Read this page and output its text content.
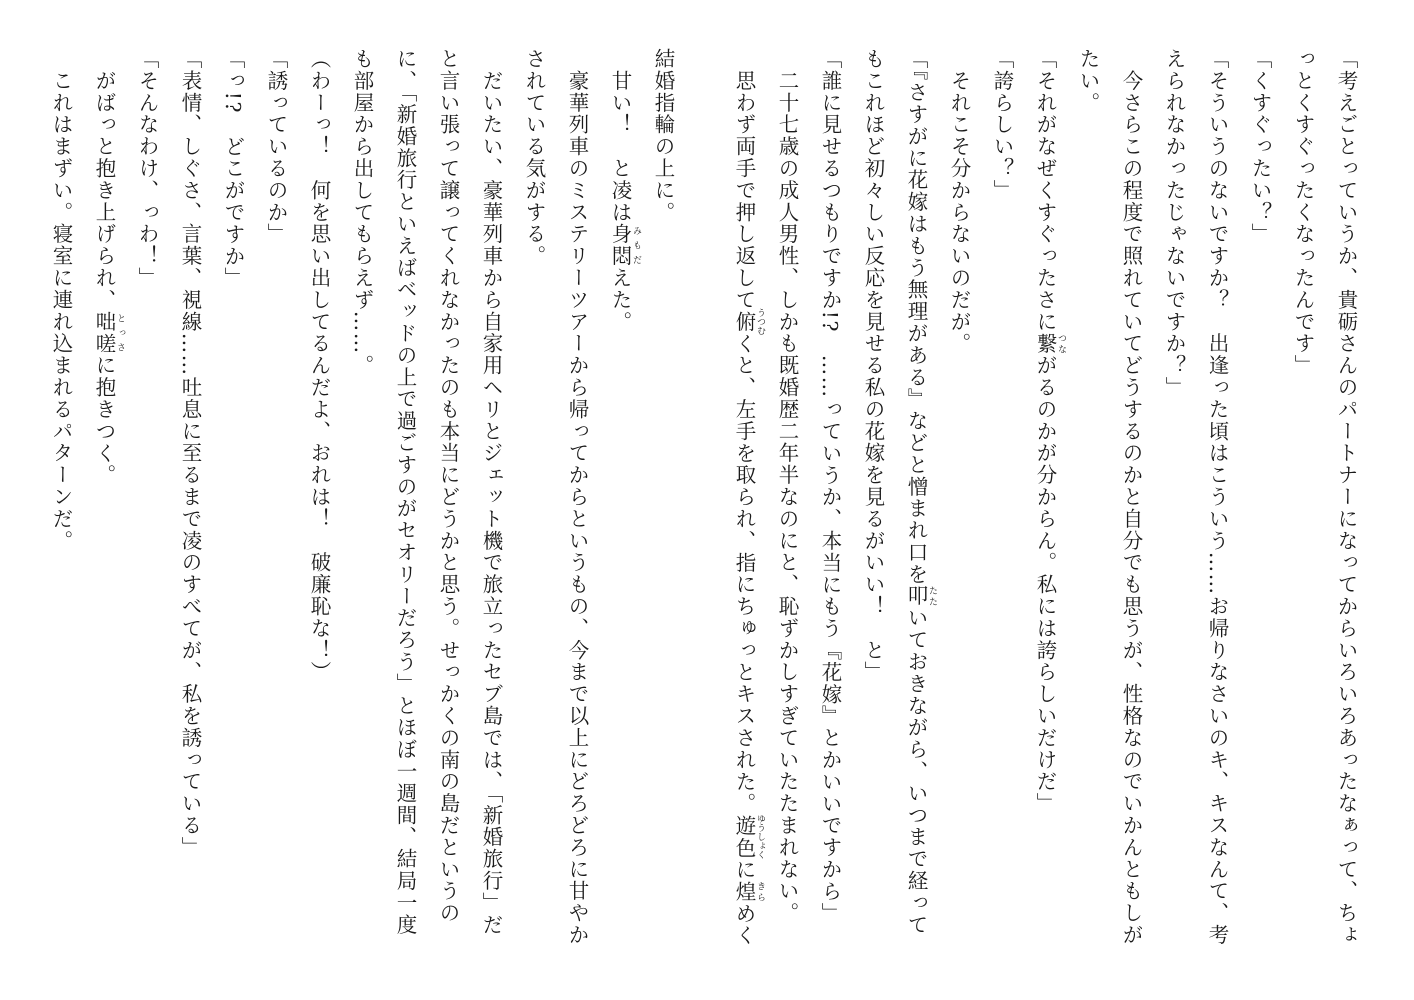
「考えごとっていうか、貴砺さんのパートナーになってからいろいろあったなぁって、ちょ
っとくすぐったくなったんです」
「くすぐったい？」
「そういうのないですか？　出逢った頃はこういう……お帰りなさいのキ、キスなんて、考
えられなかったじゃないですか？」
　今さらこの程度で照れていてどうするのかと自分でも思うが、性格なのでいかんともしが
たい。
「それがなぜくすぐったさに繋 つながるのかが分からん。私には誇らしいだけだ」
「誇らしい？」
　それこそ分からないのだが。
「『さすがに花嫁はもう無理がある』などと憎まれ口を叩 たたいておきながら、いつまで経って
もこれほど初々しい反応を見せる私の花嫁を見るがいい！　と」
「誰に見せるつもりですか!?　……っていうか、本当にもう『花嫁』とかいいですから」
　二十七歳の成人男性、しかも既婚歴二年半なのにと、恥ずかしすぎていたたまれない。
　思わず両手で押し返して俯 うつむくと、左手を取られ、指にちゅっとキスされた。遊色 ゆうしょくに煌 きらめく
結婚指輪の上に。
　甘い！　と凌は身悶 みもだえた。
　豪華列車のミステリーツアーから帰ってからというもの、今まで以上にどろどろに甘やか
されている気がする。
　だいたい、豪華列車から自家用ヘリとジェット機で旅立ったセブ島では、「新婚旅行」だ
と言い張って譲ってくれなかったのも本当にどうかと思う。せっかくの南の島だというの
に、「新婚旅行といえばベッドの上で過ごすのがセオリーだろう」とほぼ一週間、結局一度
も部屋から出してもらえず……。
（わーっ！　何を思い出してるんだよ、おれは！　破廉恥な！）
「誘っているのか」
「っ!?　どこがですか」
「表情、しぐさ、言葉、視線……吐息に至るまで凌のすべてが、私を誘っている」
「そんなわけ、っわ！」
　がばっと抱き上げられ、咄嗟 とっさに抱きつく。
　これはまずい。寝室に連れ込まれるパターンだ。
